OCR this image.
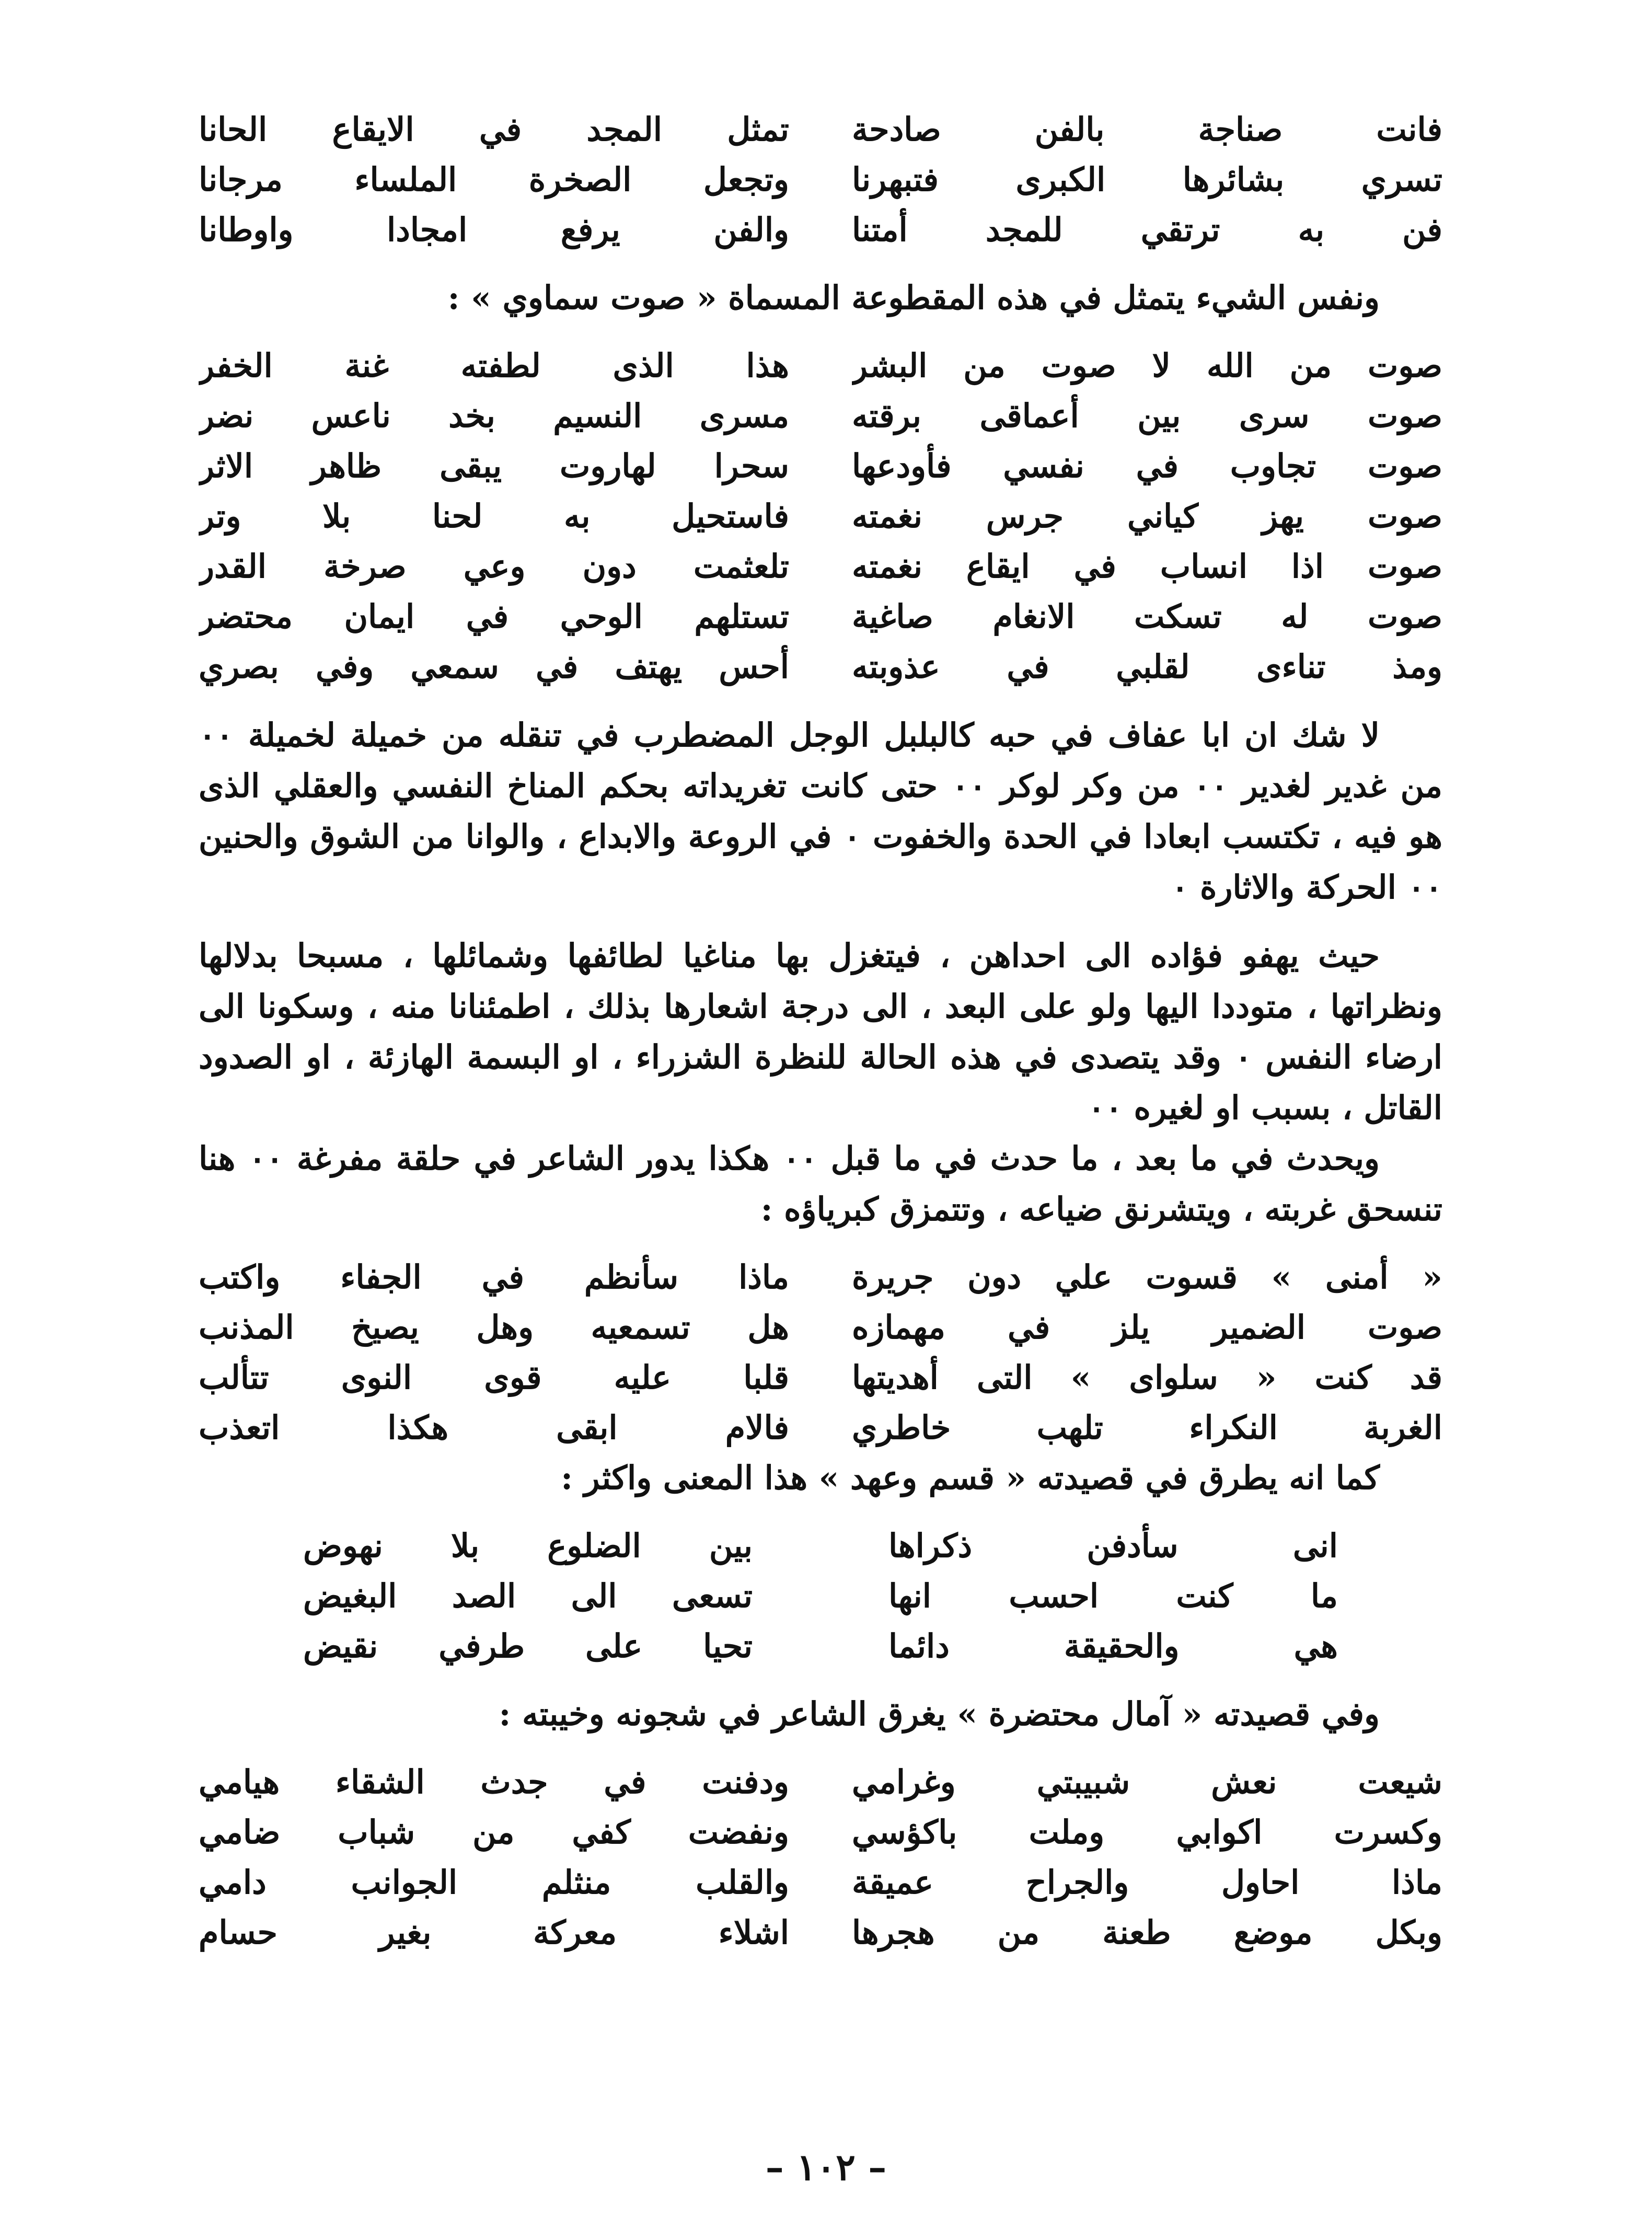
فانت صناجة بالفن صادحة
تمثل المجد في الايقاع الحانا
تسري بشائرها الكبرى فتبهرنا
وتجعل الصخرة الملساء مرجانا
فن به ترتقي للمجد أمتنا
والفن يرفع امجادا واوطانا

ونفس الشيء يتمثل في هذه المقطوعة المسماة « صوت سماوي » :

صوت من الله لا صوت من البشر
هذا الذى لطفته غنة الخفر
صوت سرى بين أعماقى برقته
مسرى النسيم بخد ناعس نضر
صوت تجاوب في نفسي فأودعها
سحرا لهاروت يبقى ظاهر الاثر
صوت يهز كياني جرس نغمته
فاستحيل به لحنا بلا وتر
صوت اذا انساب في ايقاع نغمته
تلعثمت دون وعي صرخة القدر
صوت له تسكت الانغام صاغية
تستلهم الوحي في ايمان محتضر
ومذ تناءى لقلبي في عذوبته
أحس يهتف في سمعي وفي بصري

لا شك ان ابا عفاف في حبه كالبلبل الوجل المضطرب في تنقله من خميلة لخميلة ٠٠ من غدير لغدير ٠٠ من وكر لوكر ٠٠ حتى كانت تغريداته بحكم المناخ النفسي والعقلي الذى هو فيه ، تكتسب ابعادا في الحدة والخفوت ٠ في الروعة والابداع ، والوانا من الشوق والحنين ٠٠ الحركة والاثارة ٠

حيث يهفو فؤاده الى احداهن ، فيتغزل بها مناغيا لطائفها وشمائلها ، مسبحا بدلالها ونظراتها ، متوددا اليها ولو على البعد ، الى درجة اشعارها بذلك ، اطمئنانا منه ، وسكونا الى ارضاء النفس ٠ وقد يتصدى في هذه الحالة للنظرة الشزراء ، او البسمة الهازئة ، او الصدود القاتل ، بسبب او لغيره ٠٠

ويحدث في ما بعد ، ما حدث في ما قبل ٠٠ هكذا يدور الشاعر في حلقة مفرغة ٠٠ هنا تنسحق غربته ، ويتشرنق ضياعه ، وتتمزق كبرياؤه :

« أمنى » قسوت علي دون جريرة
ماذا سأنظم في الجفاء واكتب
صوت الضمير يلز في مهمازه
هل تسمعيه وهل يصيخ المذنب
قد كنت « سلواى » التى أهديتها
قلبا عليه قوى النوى تتألب
الغربة النكراء تلهب خاطري
فالام ابقى هكذا اتعذب

كما انه يطرق في قصيدته « قسم وعهد » هذا المعنى واكثر :

انى سأدفن ذكراها
بين الضلوع بلا نهوض
ما كنت احسب انها
تسعى الى الصد البغيض
هي والحقيقة دائما
تحيا على طرفي نقيض

وفي قصيدته « آمال محتضرة » يغرق الشاعر في شجونه وخيبته :

شيعت نعش شبيبتي وغرامي
ودفنت في جدث الشقاء هيامي
وكسرت اكوابي وملت باكؤسي
ونفضت كفي من شباب ضامي
ماذا احاول والجراح عميقة
والقلب منثلم الجوانب دامي
وبكل موضع طعنة من هجرها
اشلاء معركة بغير حسام
– ١٠٢ –
